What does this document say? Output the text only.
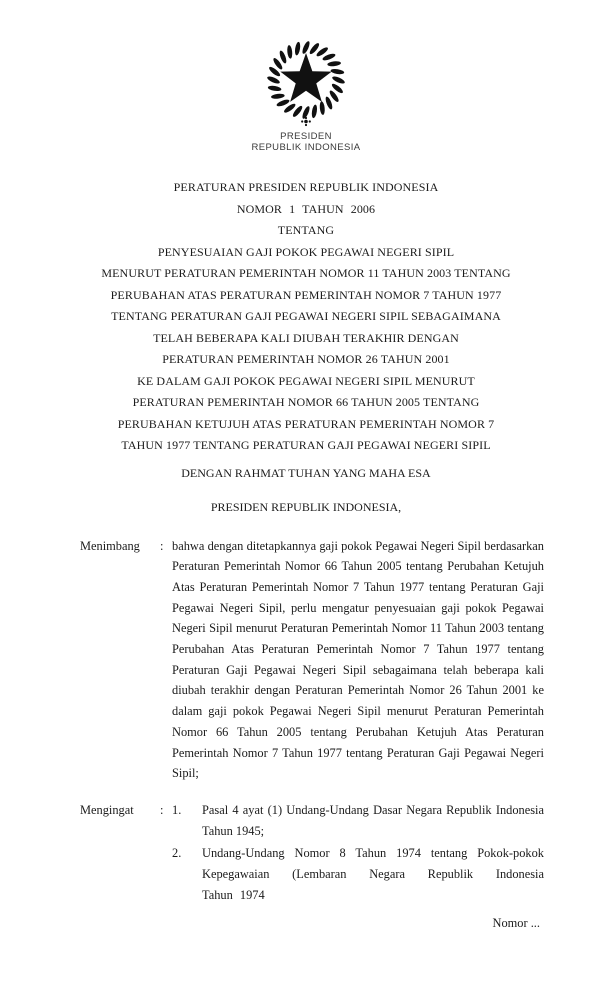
PRESIDEN
REPUBLIK INDONESIA
PERATURAN PRESIDEN REPUBLIK INDONESIA
NOMOR 1 TAHUN 2006
TENTANG
PENYESUAIAN GAJI POKOK PEGAWAI NEGERI SIPIL
MENURUT PERATURAN PEMERINTAH NOMOR 11 TAHUN 2003 TENTANG
PERUBAHAN ATAS PERATURAN PEMERINTAH NOMOR 7 TAHUN 1977
TENTANG PERATURAN GAJI PEGAWAI NEGERI SIPIL SEBAGAIMANA
TELAH BEBERAPA KALI DIUBAH TERAKHIR DENGAN
PERATURAN PEMERINTAH NOMOR 26 TAHUN 2001
KE DALAM GAJI POKOK PEGAWAI NEGERI SIPIL MENURUT
PERATURAN PEMERINTAH NOMOR 66 TAHUN 2005 TENTANG
PERUBAHAN KETUJUH ATAS PERATURAN PEMERINTAH NOMOR 7
TAHUN 1977 TENTANG PERATURAN GAJI PEGAWAI NEGERI SIPIL
DENGAN RAHMAT TUHAN YANG MAHA ESA
PRESIDEN REPUBLIK INDONESIA,
Menimbang	: bahwa dengan ditetapkannya gaji pokok Pegawai Negeri Sipil berdasarkan Peraturan Pemerintah Nomor 66 Tahun 2005 tentang Perubahan Ketujuh Atas Peraturan Pemerintah Nomor 7 Tahun 1977 tentang Peraturan Gaji Pegawai Negeri Sipil, perlu mengatur penyesuaian gaji pokok Pegawai Negeri Sipil menurut Peraturan Pemerintah Nomor 11 Tahun 2003 tentang Perubahan Atas Peraturan Pemerintah Nomor 7 Tahun 1977 tentang Peraturan Gaji Pegawai Negeri Sipil sebagaimana telah beberapa kali diubah terakhir dengan Peraturan Pemerintah Nomor 26 Tahun 2001 ke dalam gaji pokok Pegawai Negeri Sipil menurut Peraturan Pemerintah Nomor 66 Tahun 2005 tentang Perubahan Ketujuh Atas Peraturan Pemerintah Nomor 7 Tahun 1977 tentang Peraturan Gaji Pegawai Negeri Sipil;
Mengingat	: 1.	Pasal 4 ayat (1) Undang-Undang Dasar Negara Republik Indonesia Tahun 1945;
2.	Undang-Undang Nomor 8 Tahun 1974 tentang Pokok-pokok Kepegawaian (Lembaran Negara Republik Indonesia
Tahun 1974
Nomor ...
